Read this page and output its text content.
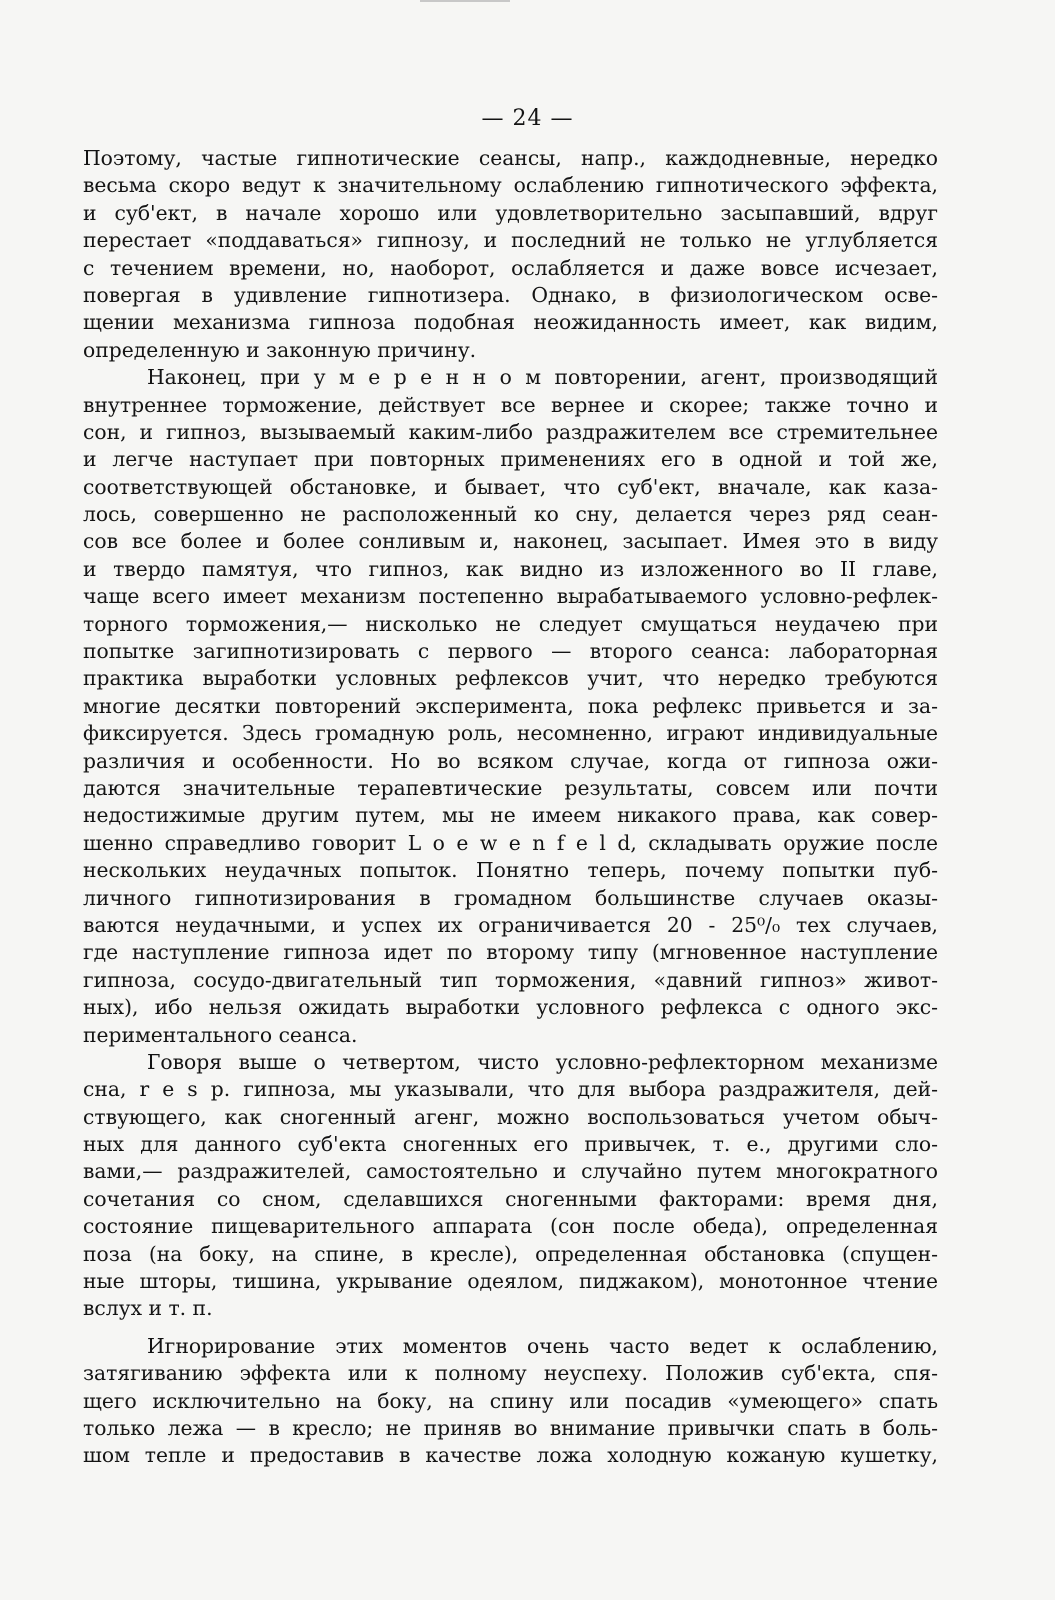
— 24 —
Поэтому, частые гипнотические сеансы, напр., каждодневные, нередко
весьма скоро ведут к значительному ослаблению гипнотического эффекта,
и суб'ект, в начале хорошо или удовлетворительно засыпавший, вдруг
перестает «поддаваться» гипнозу, и последний не только не углубляется
с течением времени, но, наоборот, ослабляется и даже вовсе исчезает,
повергая в удивление гипнотизера. Однако, в физиологическом осве-
щении механизма гипноза подобная неожиданность имеет, как видим,
определенную и законную причину.
Наконец, при у м е р е н н о м повторении, агент, производящий
внутреннее торможение, действует все вернее и скорее; также точно и
сон, и гипноз, вызываемый каким-либо раздражителем все стремительнее
и легче наступает при повторных применениях его в одной и той же,
соответствующей обстановке, и бывает, что суб'ект, вначале, как каза-
лось, совершенно не расположенный ко сну, делается через ряд сеан-
сов все более и более сонливым и, наконец, засыпает. Имея это в виду
и твердо памятуя, что гипноз, как видно из изложенного во II главе,
чаще всего имеет механизм постепенно вырабатываемого условно-рефлек-
торного торможения,— нисколько не следует смущаться неудачею при
попытке загипнотизировать с первого — второго сеанса: лабораторная
практика выработки условных рефлексов учит, что нередко требуются
многие десятки повторений эксперимента, пока рефлекс привьется и за-
фиксируется. Здесь громадную роль, несомненно, играют индивидуальные
различия и особенности. Но во всяком случае, когда от гипноза ожи-
даются значительные терапевтические результаты, совсем или почти
недостижимые другим путем, мы не имеем никакого права, как совер-
шенно справедливо говорит L o e w e n f e l d, складывать оружие после
нескольких неудачных попыток. Понятно теперь, почему попытки пуб-
личного гипнотизирования в громадном большинстве случаев оказы-
ваются неудачными, и успех их ограничивается 20 - 25⁰/₀ тех случаев,
где наступление гипноза идет по второму типу (мгновенное наступление
гипноза, сосудо-двигательный тип торможения, «давний гипноз» живот-
ных), ибо нельзя ожидать выработки условного рефлекса с одного экс-
периментального сеанса.
Говоря выше о четвертом, чисто условно-рефлекторном механизме
сна, r e s p. гипноза, мы указывали, что для выбора раздражителя, дей-
ствующего, как сногенный агенг, можно воспользоваться учетом обыч-
ных для данного суб'екта сногенных его привычек, т. е., другими сло-
вами,— раздражителей, самостоятельно и случайно путем многократного
сочетания со сном, сделавшихся сногенными факторами: время дня,
состояние пищеварительного аппарата (сон после обеда), определенная
поза (на боку, на спине, в кресле), определенная обстановка (спущен-
ные шторы, тишина, укрывание одеялом, пиджаком), монотонное чтение
вслух и т. п.
Игнорирование этих моментов очень часто ведет к ослаблению,
затягиванию эффекта или к полному неуспеху. Положив суб'екта, спя-
щего исключительно на боку, на спину или посадив «умеющего» спать
только лежа — в кресло; не приняв во внимание привычки спать в боль-
шом тепле и предоставив в качестве ложа холодную кожаную кушетку,
